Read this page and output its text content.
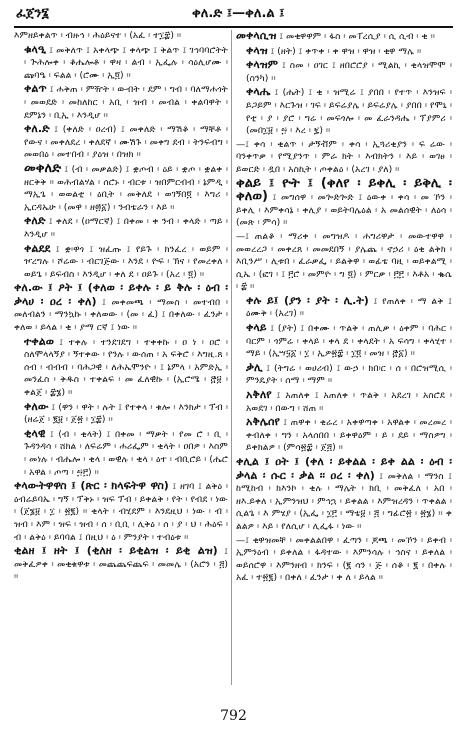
ፈጀን፮	ቀለ.ድ ፤—ቀለ.ል ፤

እምዘይቀልጥ ፡ ብዙኅ ፡ ሕዕይናተ ፡ (አፈ ፡ ተ፲፰) ፡፡

ቁላዒ ፤ መቅለጥ ፤ አቀላጭ ፤ ቀላጭ ፤ ቅልጥ ፤ ገኅባባሮትት ፡ ጕሕሎቀ ፡ ቆሔሎቶ ፡ ዋዛ ፡ ልብ ፡ ኢፌሉ ፡ ሳዕሊሆሙ ፡ ጩባዔ ፡ ፍልል ፡ (ሮሙ ፡ ኢ፬) ፡፡

ቀልጥ ፤ ሐቅጠ ፡ ምዥት ፡ ውብት ፡ ደም ፡ ግብ ፡ ባለማሐጎት ፡ መወደድ ፡ መከለከር ፡ አቢ ፡ ዝብ ፡ መብል ፡ ቀልባዋት ፡ ደምኔን ፡ ቢኢ ፡ እንዲሆ ፡፡

ቀለ.ድ ፤ (ቀለድ ፡ ዐረብ) ፤ መቀለድ ፡ ማሽቆ ፡ ማቸቶ ፡ የውና ፡ መቀለደረ ፡ ቀለደኛ ፡ ሙሽጉ ፡ መቀግ ደብ ፡ ትንፍብግ ፡ መወበዕ ፡ መተበብ ፡ ያዕዝ ፡ በዝክ ፡፡

መቀለድ ፤ (ብ ፡ መቃልድ) ፤ ቋጦብ ፡ ዕይ ፡ ቋጦ ፡ ቋልቀ ፡ ዘርቅቅ ፡፡ ወሕብልሃል ፡ ሰሮኑ ፡ ብርቱ ፡ ዝበምርብብ ፡ ኔምዲ ፡ ማኢጌ ፡ ወወልቲ ፡ ዕቢት ፡ መቅለደ ፡ ወገኝበ፬ ፡ እግሪ ፡ ኢርዳኤሁ ፡ (መዋ ፡ ዘ፴፩) ፡ ንብቴራን ፡ እይ ፡፡

ቀለድ ፤ ቀለደ ፡ (ዐማርኛ) ፤ በቀመ ፡ ቀ ንብ ፡ ቀላድ ፡ ጣይ ፡ እንዲሆ ፡፡

ቀልደደ ፤ ቋ፡ዋጎ ፤ ዝፈጡ ፤ የይጉ ፡ ክንፈረ ፡ ወይም ፡ ዦረግሉ ፡ ሾሬው ፡ ብርገጅው ፡ እንደ ፡ ዮፍ ፡ ኽና ፡ የመረቀለ ፡ ወይጌ ፡ ይፍብስ ፡ እንዲሆ ፡ ቀለ ደ ፡ ዐይጉ ፡ (አረ ፡ ፬) ፡፡

ቀለ.ው ፤ ዖት ፤ (ቀለወ ፡ ይቀሉ ፡ ይ ቅሉ ፡ ዕብ ፡ ቃላሀ ፡ ዐረ ፡ ቀለ) ፤ መቀመጫ ፡ ማመስ ፡ መተብበ ፡ መለብልን ፡ ማንኳኩ ፡ ቀለወው ፡ (መ ፡ ፈ) ፤ በቀለው ፡ ፈንታ ፡ ቀለወ ፡ ይላል ፡ ቂ ፡ ያማ ርኛ ፤ ነው ፡፡

ተቀልወ ፤ ተቀሉ ፡ ተንደገደግ ፡ ተቀቀኩ ፡ ዐ ነ ፡ ዐሮ ፡ ስለሞላላኝያ ፡ ኝተቀው ፡ የንሉ ፡ ውሰጠ ፡ አ ፍቅሮ ፡ እግዚ.ጸ ፡ ሰብ ፡ ብብብ ፡ ባሕጋዊ ፡ ለሕኤሞንዮ ፡ ፤ ኔምላ ፡ አምድኢ ፡ መንፈስ ፡ ቅዱስ ፡ ተቀልፍ ፡ መ ፈለዊኩ ፡ (ኢሮሜ ፡ ፸፱ ፡ ቀልጀ ፡ ፰፮) ፡፡

ቀለው ፤ (ዋን ፡ ዋት ፡ ሉት ፤ የተቀላ ፡ ቁሎ ፡ እንክታ ፡ ፕብ ፡ (ዘሬጀ ፡ ፪፱ ፡ ጀ፳ ፡ ፲፰) ፡፡

ቂላዊ ፤ (ብ ፡ ቂላት) ፤ በቀመ ፡ ማቃት ፡ የመ ሮ ፡ ቢ ፡ ጉዳንዳሳ ፡ ሸክል ፡ ለፍሬም ፡ ሐሪፌም ፡ ቂላት ፡ ዐበዎ ፡ እስም ፡ መነሉ ፡ ብሔሎ ፡ ቂላ ፡ ወዊሉ ፡ ቂላ ፡ ዕተ ፡ ብቢሮይ ፡ (ሔሮ ፡ አዋል ፡ ጦጣ ፡ ፵፫) ፡፡

ቀላውትዋዋስ ፤ (ጽር ፡ ክላፍትዋ ዋስ) ፤ ዘገባ ፤ ልቅዕ ፡ ዕብሬይባኤ ፡ ግኝ ፡ ፕቅኑ ፡ ዝፍ ፕብ ፡ ይቀልቅ ፡ የት ፡ የብደ ፡ ነው ፡ (ጀ፮፱ ፡ ፲ ፡ ፳፪) ፡፡ ቂላት ፡ ብሂደም ፡ እንደዚህ ፡ ነው ፡ ብ ፡ ዝብ ፡ እም ፡ ዝፍ ፡ ዝብ ፡ ሰ ፡ ቢቢ ፡ ሊቅዕ ፡ ሰ ፡ ያ ፡ ህ ፡ ሕዕፍ ፡ ብ ፡ ልቅዕ ፡ ይባባል ፤ በዚህ ፡ ዕ ፡ ምንያት ፡ ተብዕቱ ፡፡

ቂልዘ ፤ ዘት ፤ (ቂለዘ ፡ ይቂልዝ ፡ ይቂ ልዝ) ፤ መቅፈዎቀ ፡ መቂቁዋቱ ፡ መጨጨፍጨፍ ፡ መመሌ ፡ (አሮን ፡ ፭) ፡፡

መቀላሲዝ ፤ መቂዋዋም ፡ ፋስ ፡ መፐረሲያ ፡ ሲ ሲብ ፡ ቂ ፡፡

ቀላዝ ፤ (ዘት) ፤ ቀጥቀ ፡ ቀ ዋዝ ፡ ዋዝ ፡ ቂዋ ማሌ ፡፡

ቀላዝም ፤ ስመ ፡ ዐገር ፤ ዘበሮሮያ ፡ ሚልኪ ፡ ቂላዝሞሞ ፡ (ስንካ) ፡፡

ቀላሔ ፤ (ሔት) ፤ ቂ ፡ ዝሚሬ ፤ ያበበ ፡ የተጥ ፡ እንዝፍ ፡ ይጋይም ፡ እርጉዝ ፡ ገፍ ፡ ይፍሬያሌ ፡ ይፍሬያሌ ፡ ያበበ ፡ የሞኒ ፡ የቲ ፡ ያ ፡ ያሮ ፡ ግሬ ፡ መፍጎሎ ፡ መ ፈራንዳሔ ፡ ፕያምሪ ፡ (መበ፲፱ ፡ ፵ ፡ እረ ፡ ፯) ፡፡

—፤ ቀሳ ፡ ቂልጥ ፡ ታኝቭም ፡ ቀሳ ፡ ኢጓሪቂያን ፡ ፍ ሬው ፡ ባንቀጥቃ ፡ የሚያንጥ ፡ ምራ ክት ፡ እብክትን ፡ እይ ፡ ወገፀ ፡ ይወርድ ፡ ዷበ ፡ አስኪት ፡ ጦቀልዕ ፡ (አረገ ፡ ያለ) ፡፡

ቀልይ ፤ ዮት ፤ (ቀለየ ፡ ይቀሊ ፡ ይቅሊ ፡ ቀለወ) ፤ መግሰዋ ፡ መጐድጐድ ፤ ዕውቀ ፡ ቀሳ ፡ መ ኾን ፡ ይቀሊ ፡ እምቀሳኔ ፡ ቀሊያ ፡ ወይትባሌዕል ፡ አ መልሰዊት ፡ ለዕሳ ፡ (መጽ ፡ ምሳ) ፡፡

—፤ ጠልቆ ፡ ማሪቀ ፡ መግዝዶ ፡ ሐግሪዋታ ፡ መውተዋዋ ፡ መወረረጋ ፡ መቀረጸ ፡ መመደበኝ ፡ ያሌጨ ፡ ኖኃሪ ፡ ዕቂ ልቅክ ፡ እቢንሥ ፡ ሊቱበ ፡ ፈራቃፌ ፡ ይልቅዋ ፡ ወፊቴ ባዚ ፡ ወይቀልሚ ፡ ሲኤ ፡ (ፎገ ፡ ፤ ፫ሮ ፡ መምዮ ፡ ግ ፬) ፡ ምርቃ ፡ ፫፫ ፡ እቶአ ፡ ቈሴ ፡ ፰ ፡፡

ቀሉ ይ፤ (ያን ፡ ያት ፡ ሊ.ት) ፤ የጠለቀ ፡ ማ ልቅ ፤ ዕሙቅ ፡ (አረገ) ፡፡

ቀላይ ፤ (ያት) ፤ በቀሙ ፡ ጥልቅ ፡ ጠሊቃ ፡ ዕቀም ፡ ባሕር ፡ ባርም ፡ ጎምሬ ፡ ቀላይ ፡ ቀላ ደ ፡ ቀላደት ፡ አ ፍሳግ ፡ ቀላሂተ ፡ ማይ ፡ (ኢሣ፶፩ ፡ ፲ ፡ ኢዎ፳፰ ፡ ፲፬ ፡ መዝ ፡ ፸፩) ፡፡

ቃሊ ፤ (ትግሬ ፡ ወሀሪብ) ፤ ውኃ ፡ ክበ፡ር ፡ ሰ ፡ በሮዝሚሲ ፡ ምንዴያት ፡ ሰማ ፡ ማም ፡፡

አቅለየ ፤ አጠለቀ ፤ አጠለቀ ፡ ጥልቅ ፡ አደረገ ፡ አስሮደ ፡ አወደገ ፡ በውግ ፡ ሸጠ ፡፡

አቅሌሰየ ፤ ጠዋቀ ፡ ቂሬረ ፡ አቀዋጣቀ ፡ አዋልቀ ፡ መረመረ ፡ ቀብለቀ ፡ ግን ፡ አላሰበበ ፡ ይቀዋዕም ፡ ይ ፡ ደይ ፡ ማስዎግ ፡ ይቀክልዎ ፡ (ምሳ፳፰ ፡ ጀ፭) ፡፡

ቀሊል ፤ ዐት ፤ (ቀለ ፡ ይቀልል ፡ ይቀ ልል ፡ ዕብ ፡ ቃላል ፡ ሱር ፡ ቃል ፡፡ ዐረ ፡ ቀለ) ፤ መቅለል ፡ ማንስ ፤ ከሚከብ ፡ ክእንኮ ፡ ቂሉ ፡ ማሌት ፡ ክቢ ፡ መቅፈለ ፡ አበ ፡ ዘእ.ይቀለ ፡ ኢምንዝህ ፡ ምኅኋ ፡ ይቀልል ፡ እምዝረዳን ፡ ጥቀልል ፡ ሲልጌ ፡ እ ምሄያ ፡ (ኢፌ ፡ ፲፫ ፡ ማቴ፱ ፡ ፭ ፡ ግፊሮ፳ ፡ ፳፮) ፡፡ ቀ ልልዎ ፡ እይ ፡ የለሲሆ ፡ ሊፌፋ ፡ ነው ፡፡

—፤ ቂዋዝመቸ ፡ መቀልልበዋ ፡ ፈጣን ፡ ጆጫ ፡ መኾን ፡ ይቀብ ፡ ኢምንዕብ ፡ ይቀለል ፡ ፋዳተው ፡ እምንሳሉ ፡ ኅስና ፡ ይቀለል ፡ ወይሰሮዋ ፡ እምንዘብ ፡ ክንፍ ፡ (፪ ሳን ፡ ጅ ፡ ሰቆ ፡ ፪ ፡ በቀሉ ፡ አፈ ፡ ተ፳፪) ፡ በቀለ ፡ ፈንታ ፡ ቀ ለ ፡ ይላል ፡፡

792
